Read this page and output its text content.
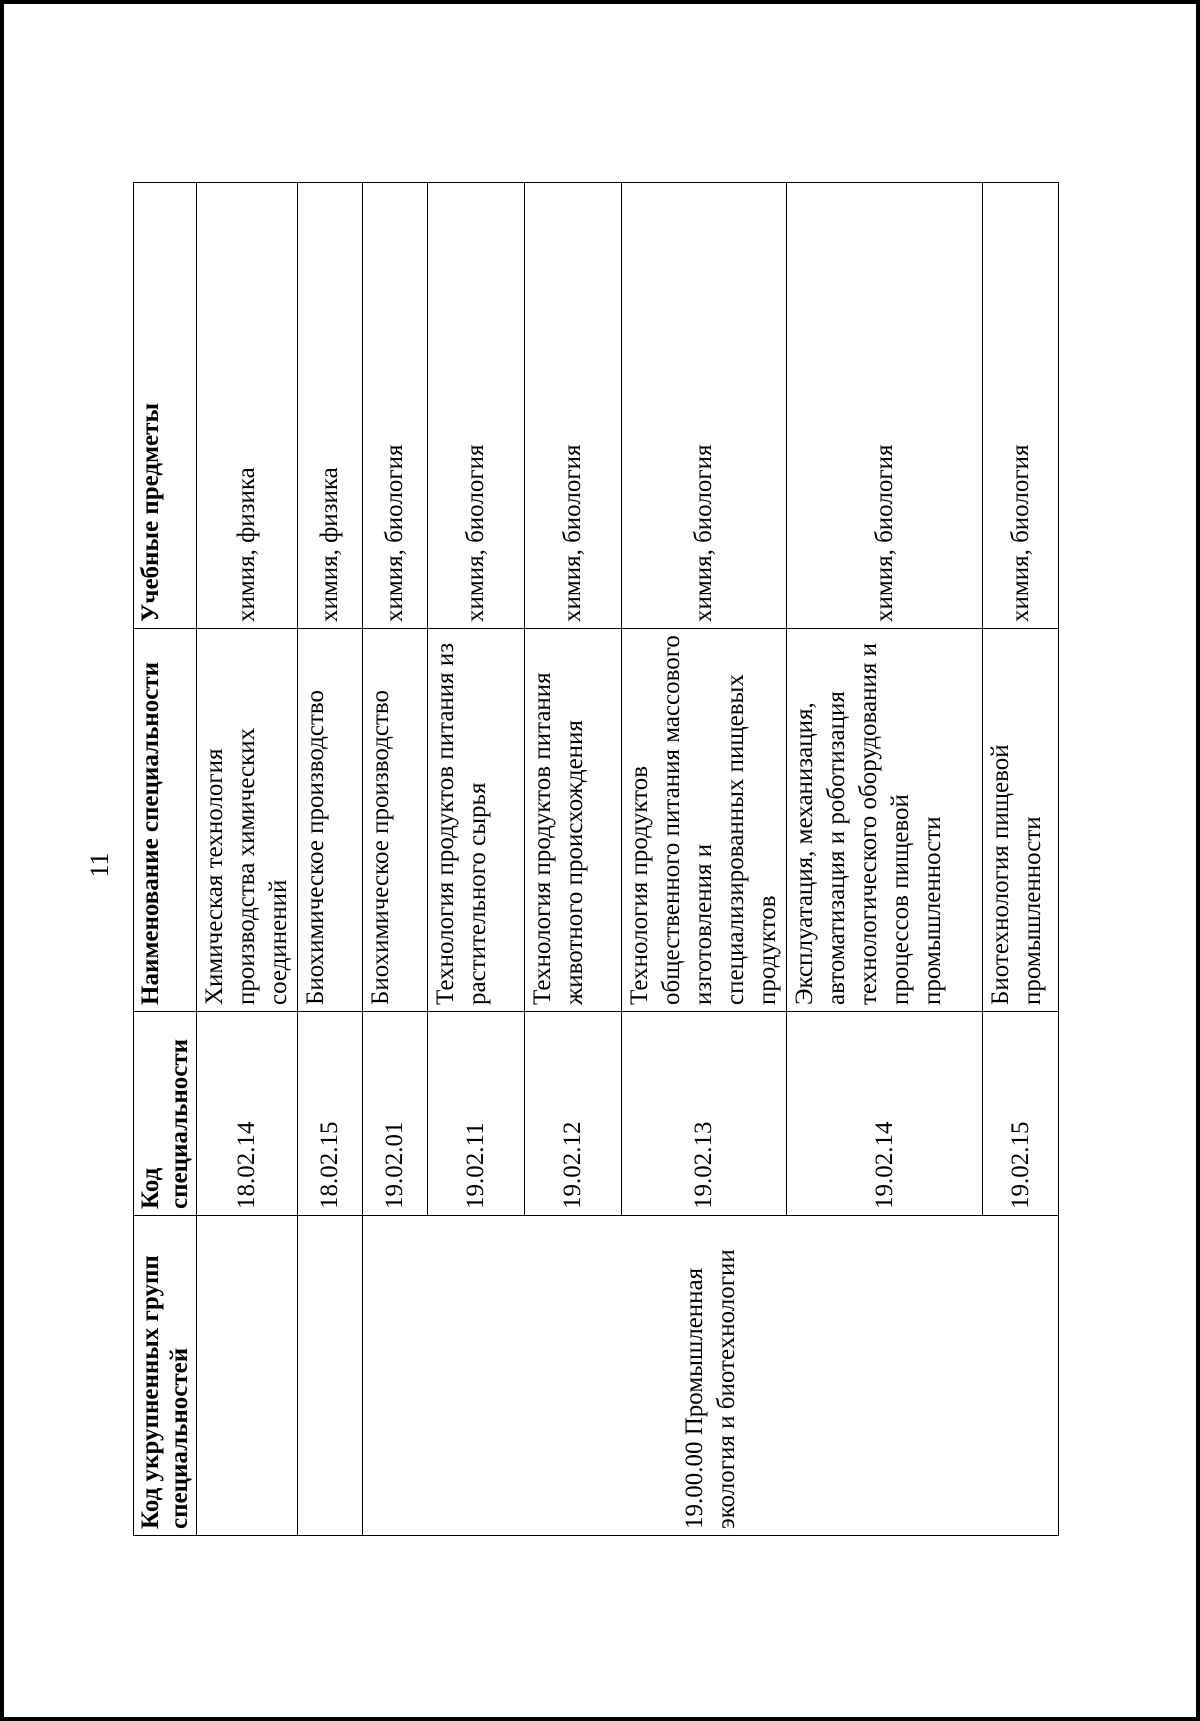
11
Код укрупненных групп специальностей	Код специальности	Наименование специальности	Учебные предметы
	18.02.14	Химическая технология производства химических соединений	химия, физика
	18.02.15	Биохимическое производство	химия, физика
19.00.00 Промышленная экология и биотехнологии	19.02.01	Биохимическое производство	химия, биология
	19.02.11	Технология продуктов питания из растительного сырья	химия, биология
	19.02.12	Технология продуктов питания животного происхождения	химия, биология
	19.02.13	Технология продуктов общественного питания массового изготовления и специализированных пищевых продуктов	химия, биология
	19.02.14	Эксплуатация, механизация, автоматизация и роботизация технологического оборудования и процессов пищевой промышленности	химия, биология
	19.02.15	Биотехнология пищевой промышленности	химия, биология
